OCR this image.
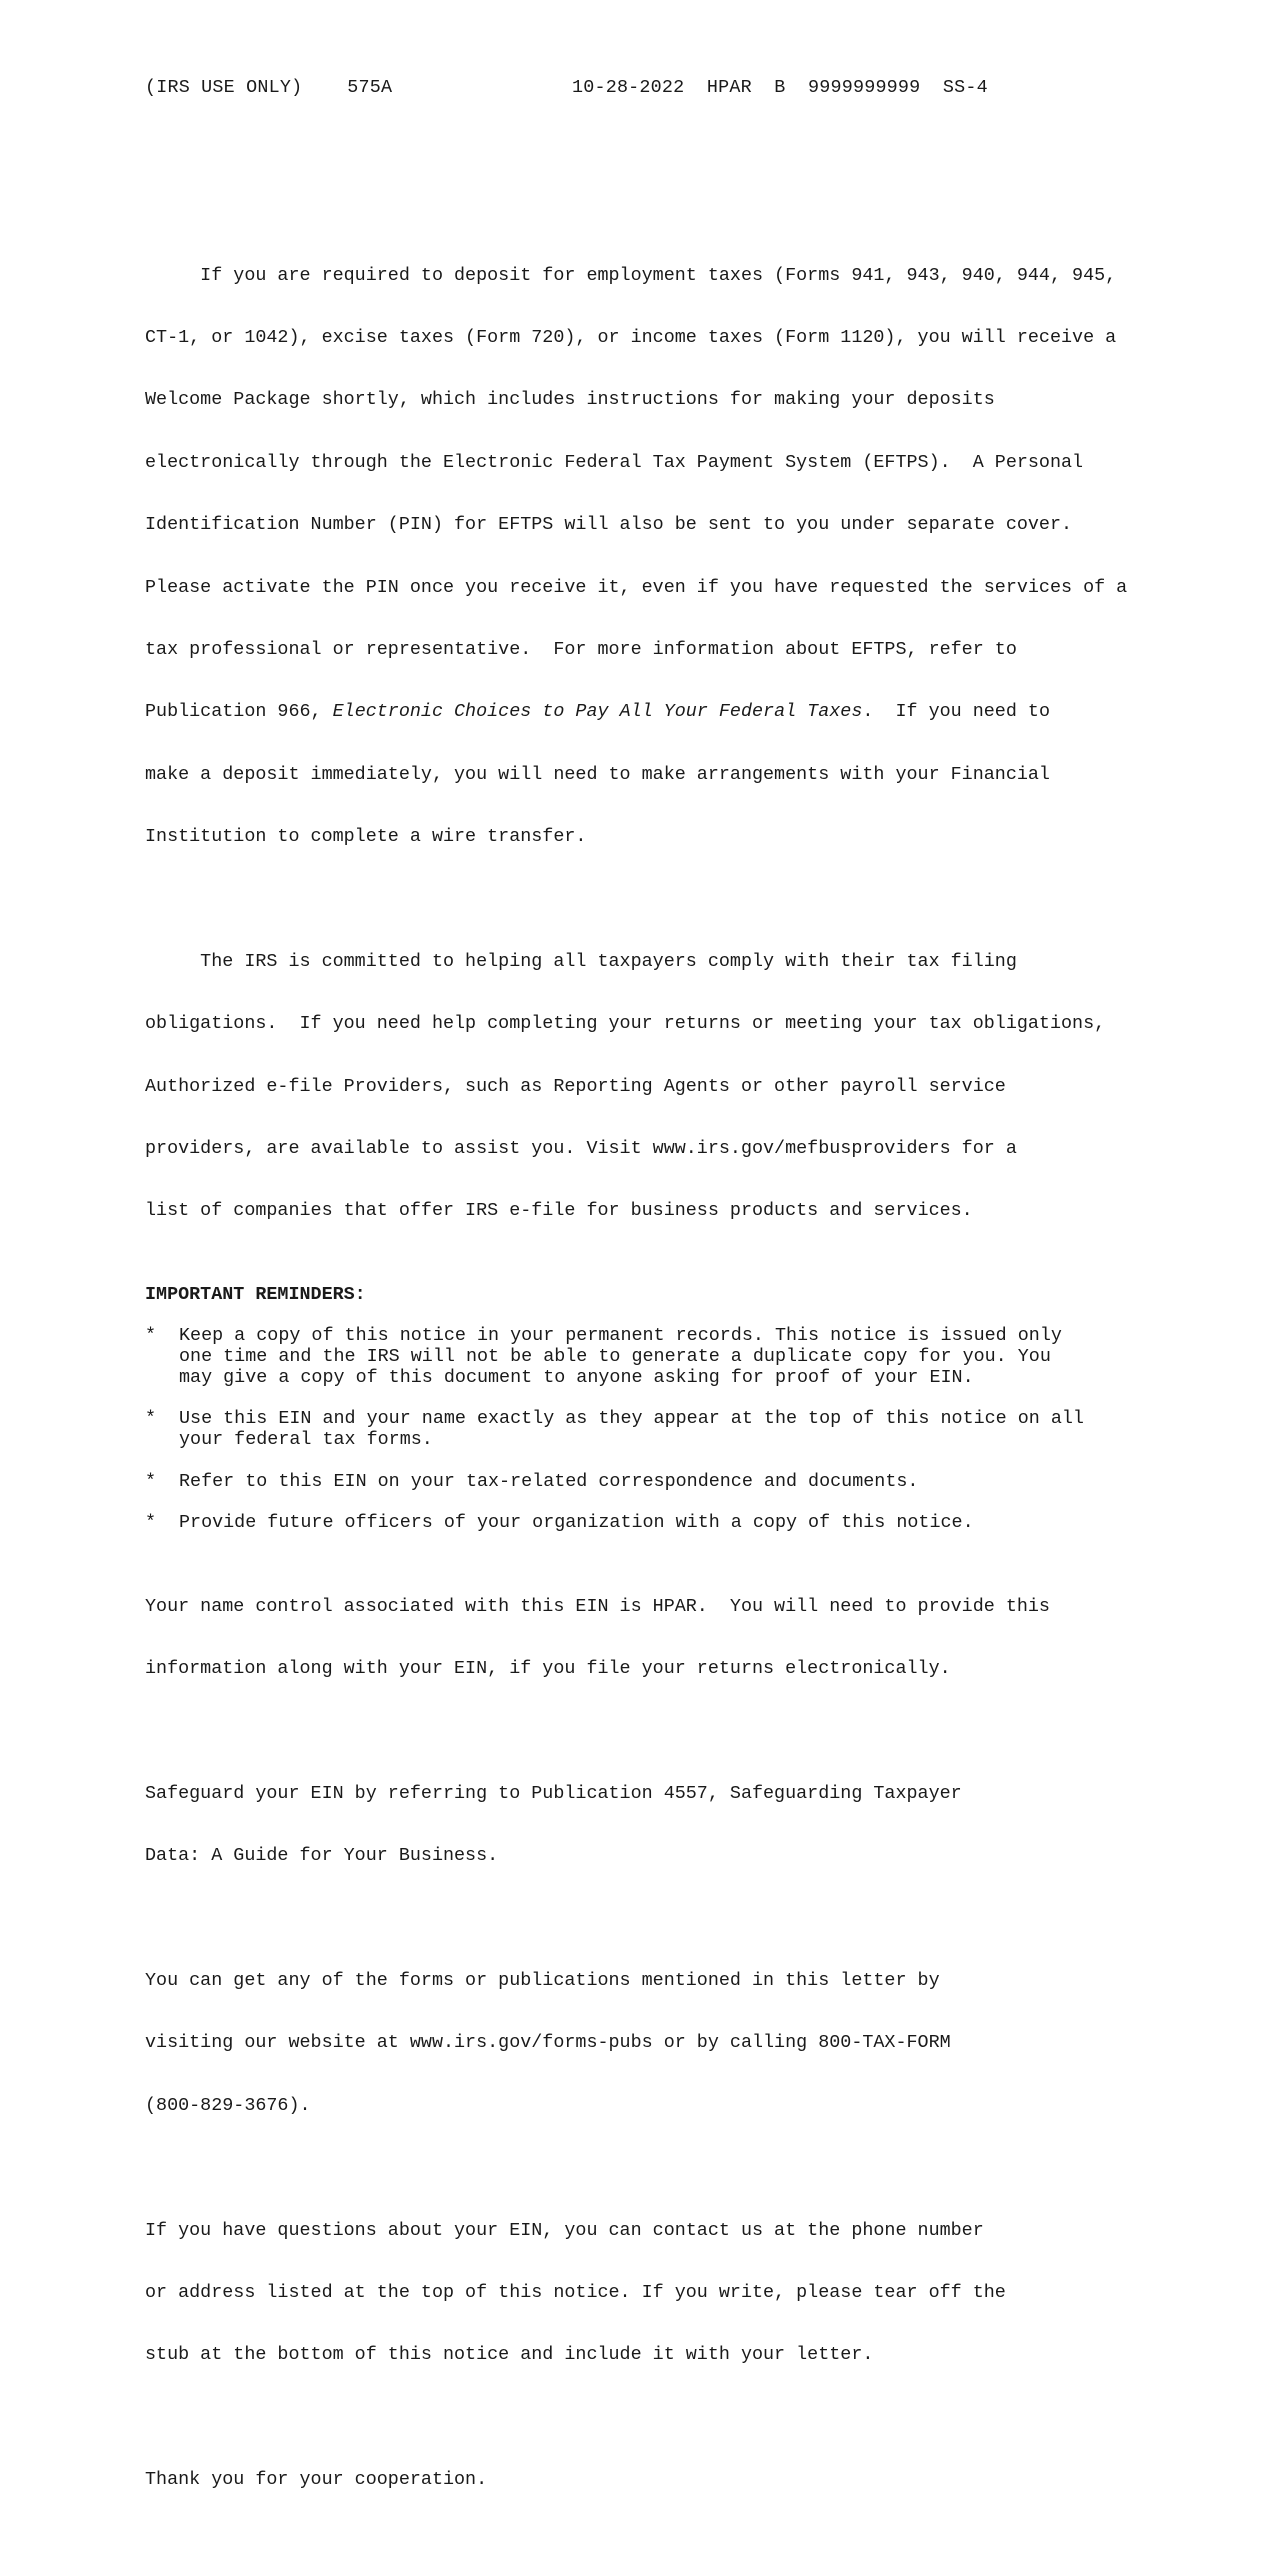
(IRS USE ONLY) 575A	10-28-2022 HPAR B 9999999999 SS-4

If you are required to deposit for employment taxes (Forms 941, 943, 940, 944, 945,

CT-1, or 1042), excise taxes (Form 720), or income taxes (Form 1120), you will receive a

Welcome Package shortly, which includes instructions for making your deposits

electronically through the Electronic Federal Tax Payment System (EFTPS).  A Personal

Identification Number (PIN) for EFTPS will also be sent to you under separate cover.

Please activate the PIN once you receive it, even if you have requested the services of a

tax professional or representative.  For more information about EFTPS, refer to

Publication 966, Electronic Choices to Pay All Your Federal Taxes.  If you need to

make a deposit immediately, you will need to make arrangements with your Financial

Institution to complete a wire transfer.

The IRS is committed to helping all taxpayers comply with their tax filing

obligations.  If you need help completing your returns or meeting your tax obligations,

Authorized e-file Providers, such as Reporting Agents or other payroll service

providers, are available to assist you. Visit www.irs.gov/mefbusproviders for a

list of companies that offer IRS e-file for business products and services.

IMPORTANT REMINDERS:
* Keep a copy of this notice in your permanent records. This notice is issued only
one time and the IRS will not be able to generate a duplicate copy for you. You
may give a copy of this document to anyone asking for proof of your EIN.
* Use this EIN and your name exactly as they appear at the top of this notice on all
your federal tax forms.
* Refer to this EIN on your tax-related correspondence and documents.
* Provide future officers of your organization with a copy of this notice.

Your name control associated with this EIN is HPAR.  You will need to provide this

information along with your EIN, if you file your returns electronically.

Safeguard your EIN by referring to Publication 4557, Safeguarding Taxpayer

Data: A Guide for Your Business.

You can get any of the forms or publications mentioned in this letter by

visiting our website at www.irs.gov/forms-pubs or by calling 800-TAX-FORM

(800-829-3676).

If you have questions about your EIN, you can contact us at the phone number

or address listed at the top of this notice. If you write, please tear off the

stub at the bottom of this notice and include it with your letter.

Thank you for your cooperation.
